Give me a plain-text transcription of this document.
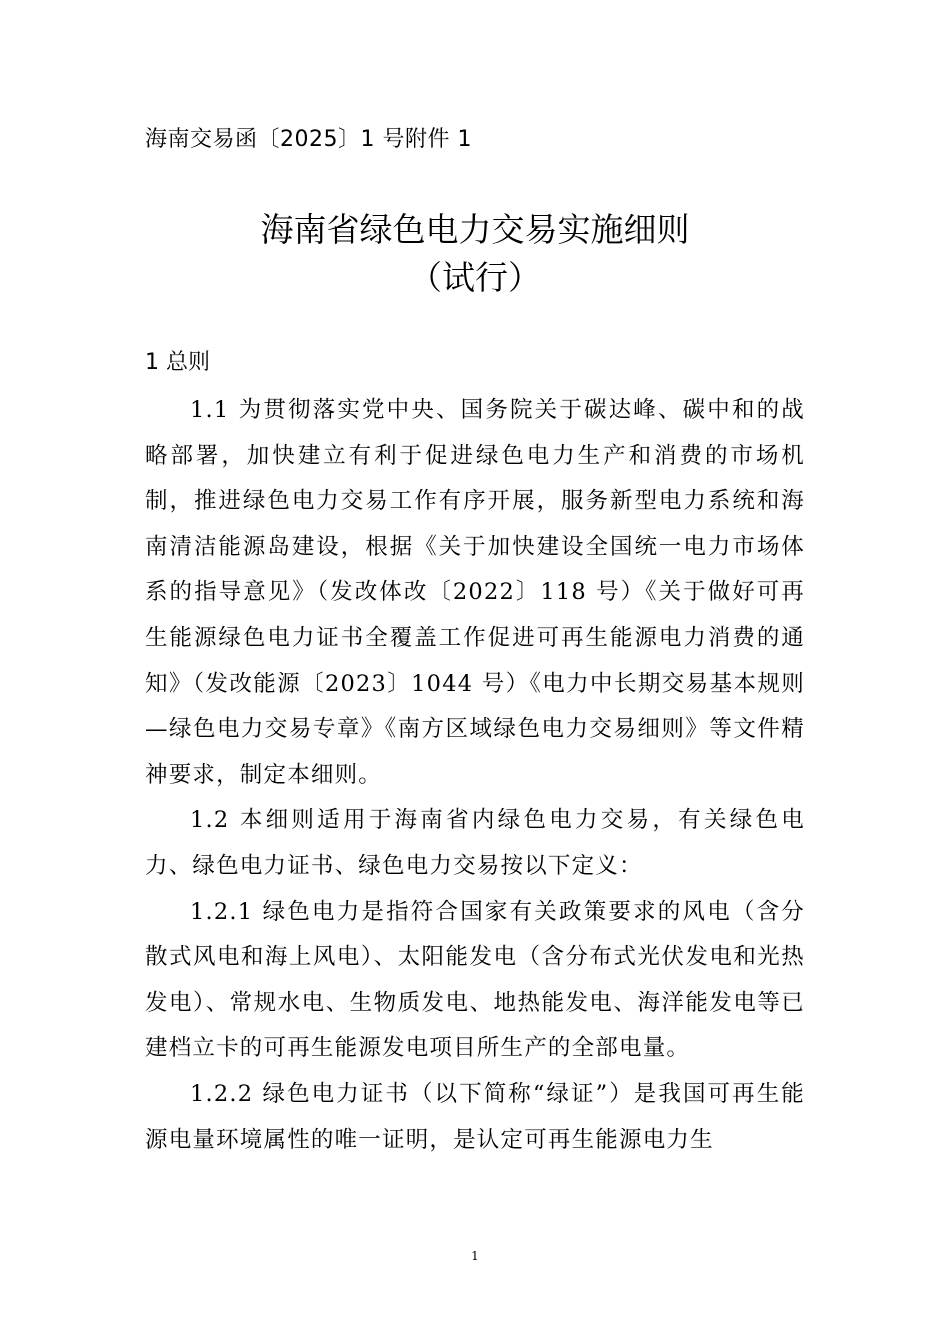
海南交易函〔2025〕1 号附件 1
海南省绿色电力交易实施细则
（试行）
1 总则

1.1 为贯彻落实党中央、国务院关于碳达峰、碳中和的战略部署，加快建立有利于促进绿色电力生产和消费的市场机制，推进绿色电力交易工作有序开展，服务新型电力系统和海南清洁能源岛建设，根据《关于加快建设全国统一电力市场体系的指导意见》（发改体改〔2022〕118 号）《关于做好可再生能源绿色电力证书全覆盖工作促进可再生能源电力消费的通知》（发改能源〔2023〕1044 号）《电力中长期交易基本规则—绿色电力交易专章》《南方区域绿色电力交易细则》等文件精神要求，制定本细则。

1.2 本细则适用于海南省内绿色电力交易，有关绿色电力、绿色电力证书、绿色电力交易按以下定义：

1.2.1 绿色电力是指符合国家有关政策要求的风电（含分散式风电和海上风电）、太阳能发电（含分布式光伏发电和光热发电）、常规水电、生物质发电、地热能发电、海洋能发电等已建档立卡的可再生能源发电项目所生产的全部电量。

1.2.2 绿色电力证书（以下简称“绿证”）是我国可再生能源电量环境属性的唯一证明，是认定可再生能源电力生

1
